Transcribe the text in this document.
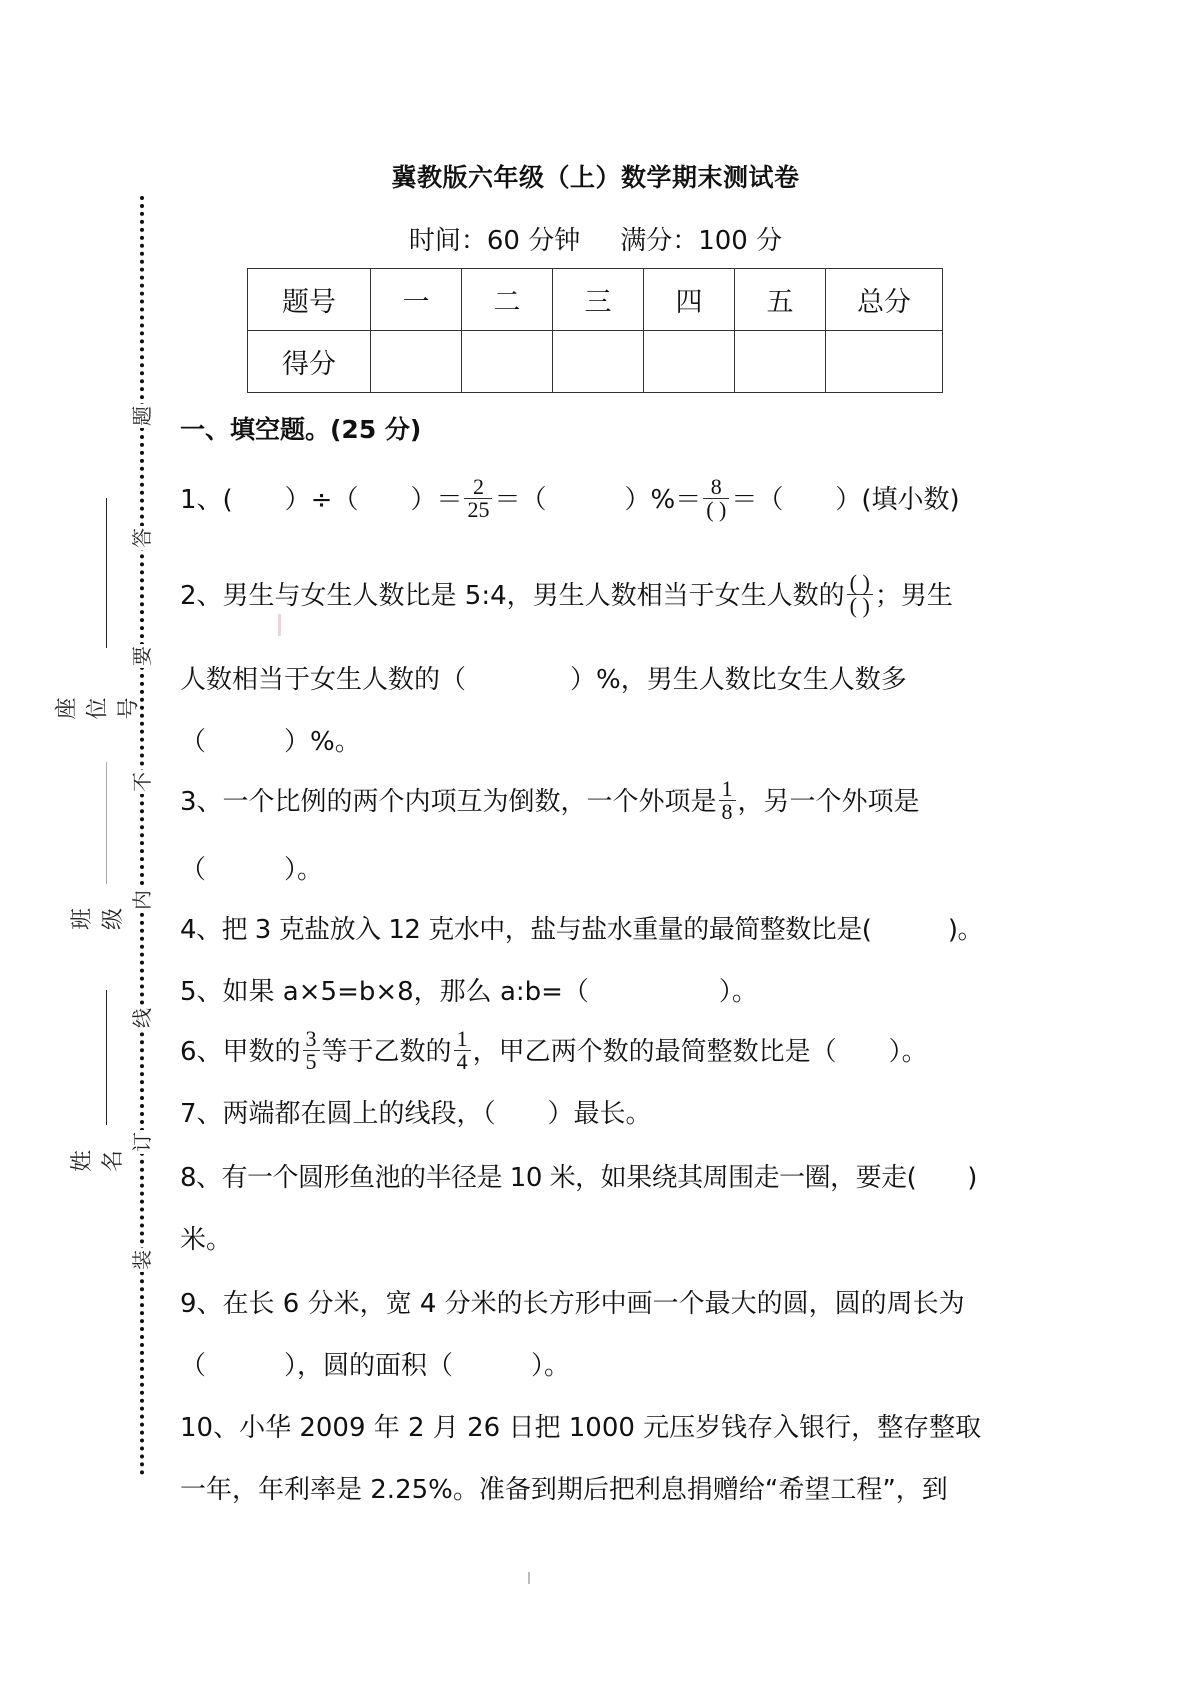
题
答
要
不
内
线
订
装
座位号
班级
姓名
冀教版六年级（上）数学期末测试卷
时间：60 分钟 满分：100 分
题号	一	二	三	四	五	总分
得分						
一、填空题。(25 分)
1、(　　）÷（　　）＝ $\frac{2}{25}$ ＝（　　　）%＝ $\frac{8}{( )}$ ＝（　　）(填小数)
2、男生与女生人数比是 5:4，男生人数相当于女生人数的 $\frac{( )}{( )}$ ；男生
人数相当于女生人数的（　　　　）%，男生人数比女生人数多
（　　　）%。
3、一个比例的两个内项互为倒数，一个外项是 $\frac{1}{8}$ ，另一个外项是
（　　　）。
4、把 3 克盐放入 12 克水中，盐与盐水重量的最简整数比是(　　　)。
5、如果 a×5=b×8，那么 a:b=（　　　　　）。
6、甲数的 $\frac{3}{5}$ 等于乙数的 $\frac{1}{4}$ ，甲乙两个数的最简整数比是（　　）。
7、两端都在圆上的线段，（　　）最长。
8、有一个圆形鱼池的半径是 10 米，如果绕其周围走一圈，要走(　　)
米。
9、在长 6 分米，宽 4 分米的长方形中画一个最大的圆，圆的周长为
（　　　），圆的面积（　　　）。
10、小华 2009 年 2 月 26 日把 1000 元压岁钱存入银行，整存整取
一年，年利率是 2.25%。准备到期后把利息捐赠给“希望工程”，到
